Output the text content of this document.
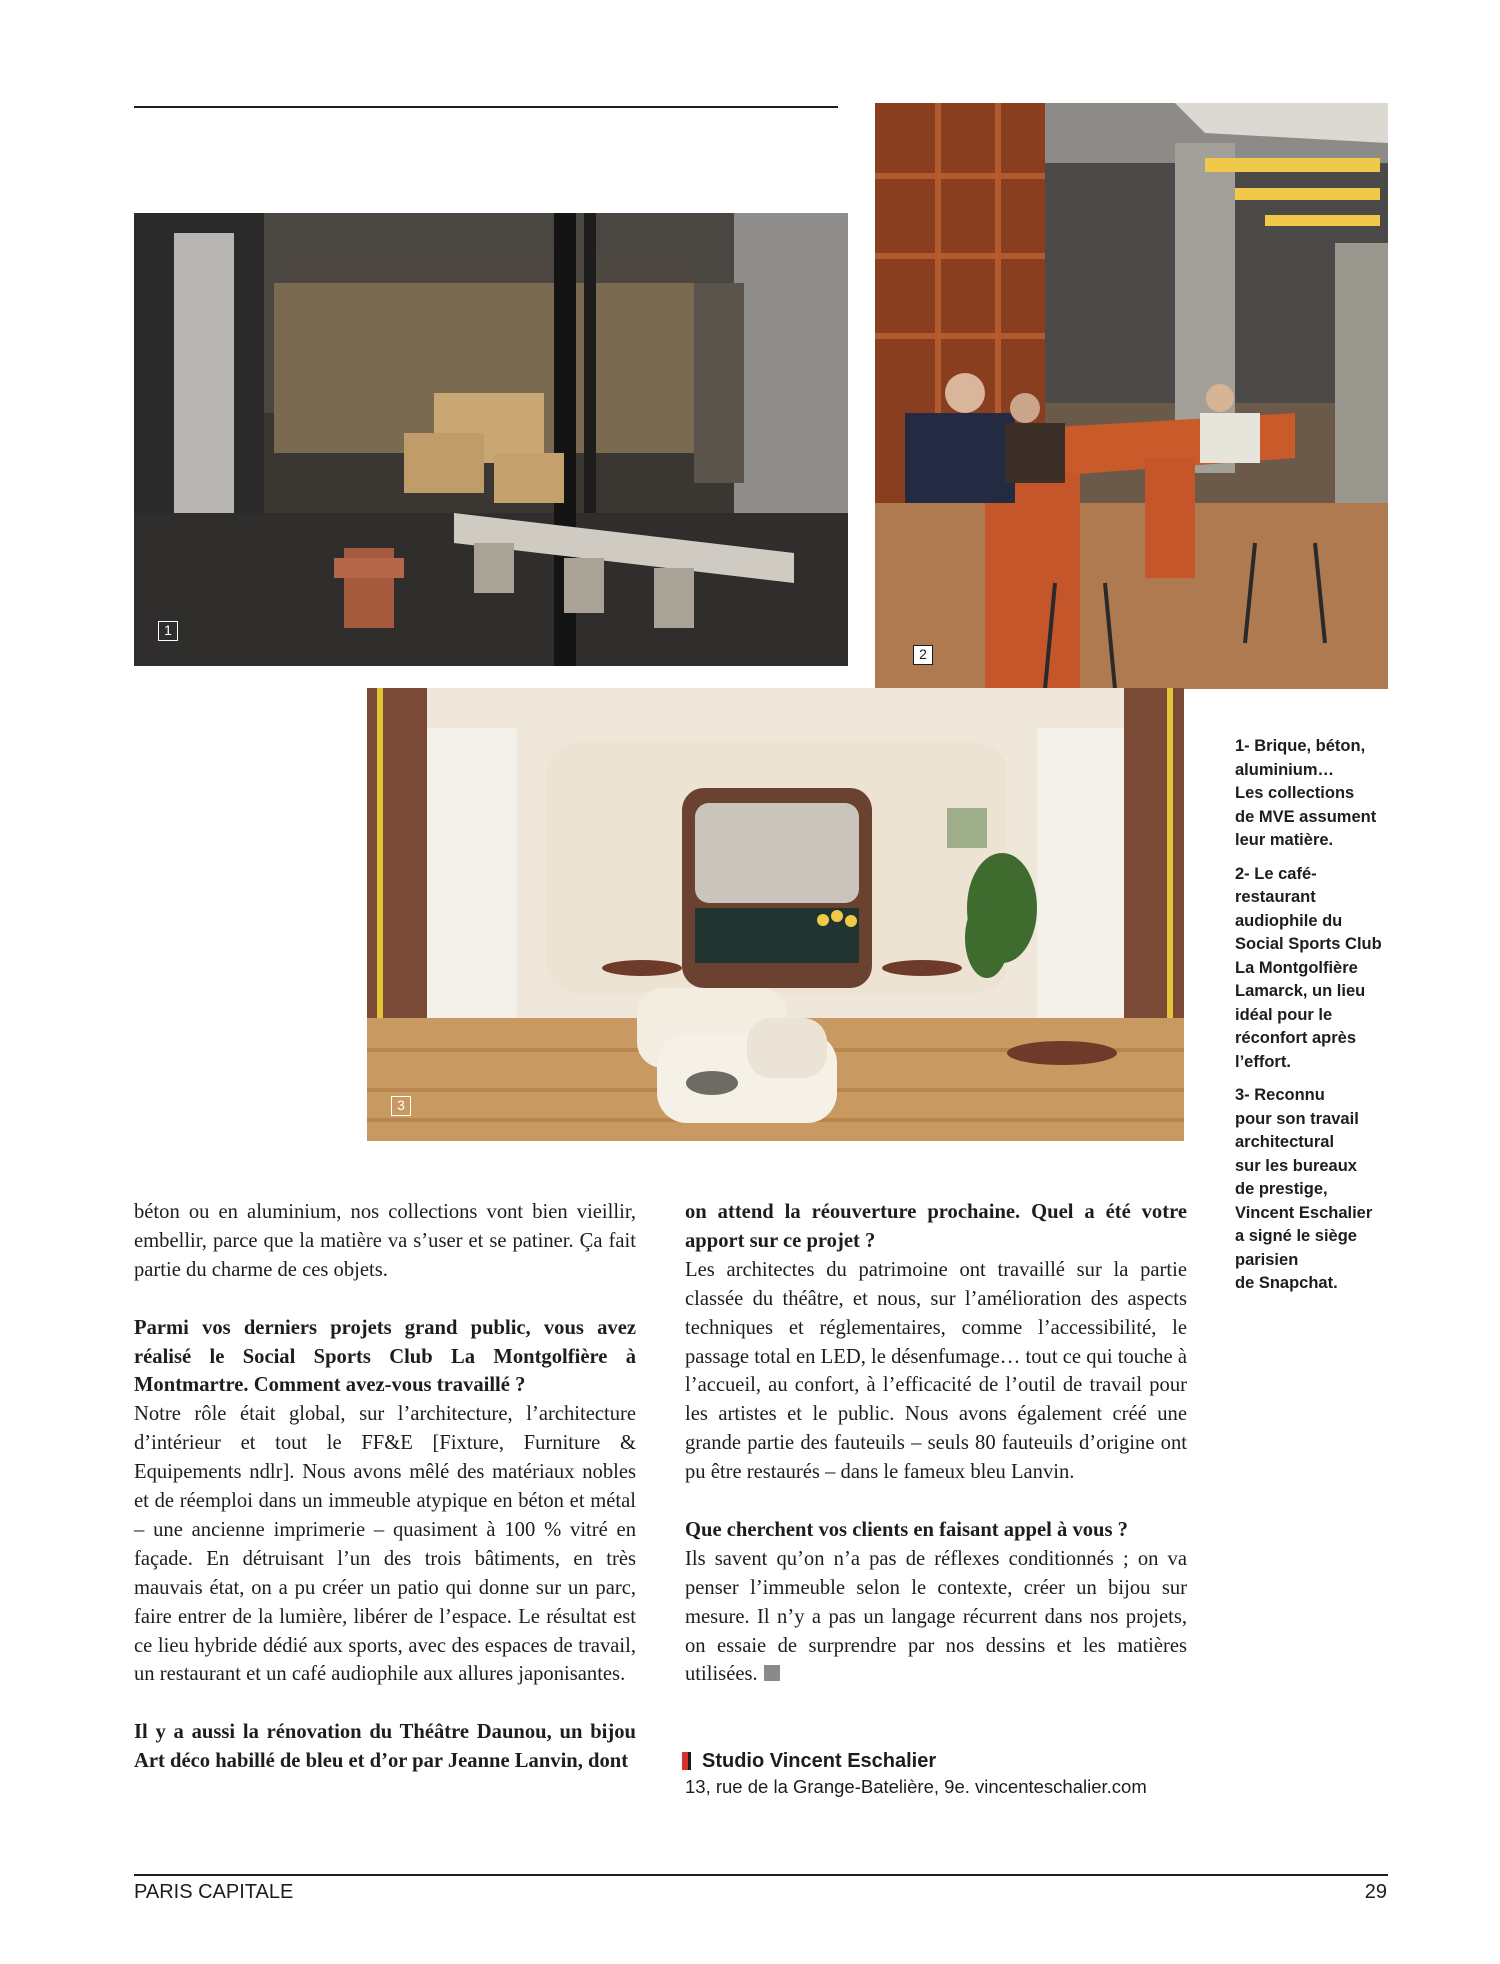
1
2
3

1- Brique, béton,
aluminium…
Les collections
de MVE assument
leur matière.

2- Le café-
restaurant
audiophile du
Social Sports Club
La Montgolfière
Lamarck, un lieu
idéal pour le
réconfort après
l’effort.

3- Reconnu
pour son travail
architectural
sur les bureaux
de prestige,
Vincent Eschalier
a signé le siège
parisien
de Snapchat.

béton ou en aluminium, nos collections vont bien vieillir, embellir, parce que la matière va s’user et se patiner. Ça fait partie du charme de ces objets.

Parmi vos derniers projets grand public, vous avez réalisé le Social Sports Club La Montgolfière à Montmartre. Comment avez-vous travaillé ?
Notre rôle était global, sur l’architecture, l’architecture d’intérieur et tout le FF&E [Fixture, Furniture & Equipements ndlr]. Nous avons mêlé des matériaux nobles et de réemploi dans un immeuble atypique en béton et métal – une ancienne imprimerie – quasiment à 100 % vitré en façade. En détruisant l’un des trois bâtiments, en très mauvais état, on a pu créer un patio qui donne sur un parc, faire entrer de la lumière, libérer de l’espace. Le résultat est ce lieu hybride dédié aux sports, avec des espaces de travail, un restaurant et un café audiophile aux allures japonisantes.

Il y a aussi la rénovation du Théâtre Daunou, un bijou Art déco habillé de bleu et d’or par Jeanne Lanvin, dont

on attend la réouverture prochaine. Quel a été votre apport sur ce projet ?
Les architectes du patrimoine ont travaillé sur la partie classée du théâtre, et nous, sur l’amélioration des aspects techniques et réglementaires, comme l’accessibilité, le passage total en LED, le désenfumage… tout ce qui touche à l’accueil, au confort, à l’efficacité de l’outil de travail pour les artistes et le public. Nous avons également créé une grande partie des fauteuils – seuls 80 fauteuils d’origine ont pu être restaurés – dans le fameux bleu Lanvin.

Que cherchent vos clients en faisant appel à vous ?
Ils savent qu’on n’a pas de réflexes conditionnés ; on va penser l’immeuble selon le contexte, créer un bijou sur mesure. Il n’y a pas un langage récurrent dans nos projets, on essaie de surprendre par nos dessins et les matières utilisées.

Studio Vincent Eschalier
13, rue de la Grange-Batelière, 9e. vincenteschalier.com
PARIS CAPITALE	29
